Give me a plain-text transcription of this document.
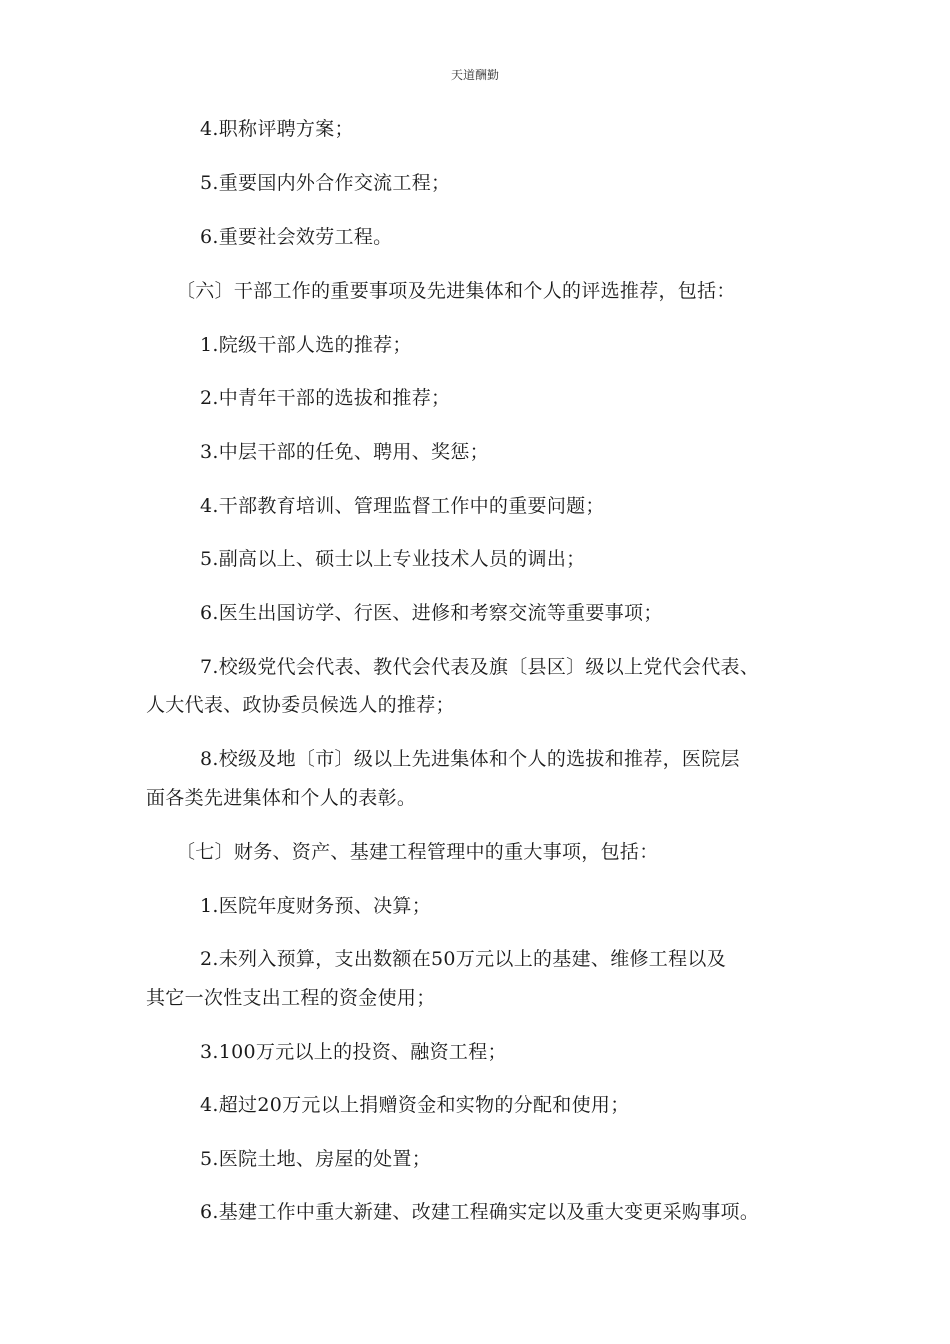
天道酬勤
4.职称评聘方案；
5.重要国内外合作交流工程；
6.重要社会效劳工程。
〔六〕干部工作的重要事项及先进集体和个人的评选推荐，包括：
1.院级干部人选的推荐；
2.中青年干部的选拔和推荐；
3.中层干部的任免、聘用、奖惩；
4.干部教育培训、管理监督工作中的重要问题；
5.副高以上、硕士以上专业技术人员的调出；
6.医生出国访学、行医、进修和考察交流等重要事项；
7.校级党代会代表、教代会代表及旗〔县区〕级以上党代会代表、
人大代表、政协委员候选人的推荐；
8.校级及地〔市〕级以上先进集体和个人的选拔和推荐，医院层
面各类先进集体和个人的表彰。
〔七〕财务、资产、基建工程管理中的重大事项，包括：
1.医院年度财务预、决算；
2.未列入预算，支出数额在50万元以上的基建、维修工程以及
其它一次性支出工程的资金使用；
3.100万元以上的投资、融资工程；
4.超过20万元以上捐赠资金和实物的分配和使用；
5.医院土地、房屋的处置；
6.基建工作中重大新建、改建工程确实定以及重大变更采购事项。
